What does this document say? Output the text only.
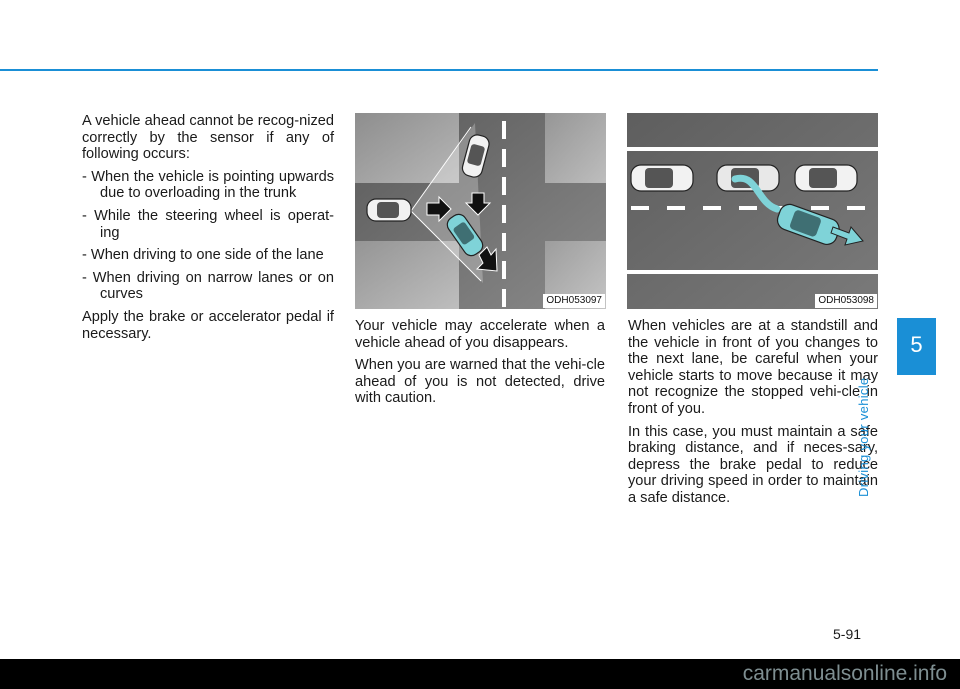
A vehicle ahead cannot be recog-nized correctly by the sensor if any of following occurs:

- When the vehicle is pointing upwards due to overloading in the trunk

- While the steering wheel is operat-ing

- When driving to one side of the lane

- When driving on narrow lanes or on curves

Apply the brake or accelerator pedal if necessary.

ODH053097	ODH053098

Your vehicle may accelerate when a vehicle ahead of you disappears.

When you are warned that the vehi-cle ahead of you is not detected, drive with caution.

When vehicles are at a standstill and the vehicle in front of you changes to the next lane, be careful when your vehicle starts to move because it may not recognize the stopped vehi-cle in front of you.

In this case, you must maintain a safe braking distance, and if neces-sary, depress the brake pedal to reduce your driving speed in order to maintain a safe distance.

5
Driving your vehicle
5-91
carmanualsonline.info
